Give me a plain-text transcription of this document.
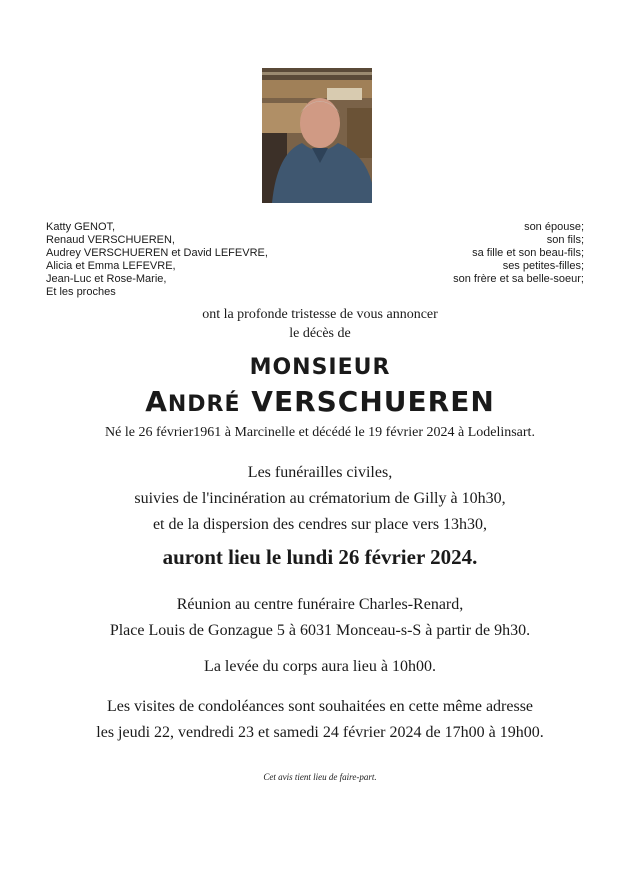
Katty GENOT,	son épouse;
Renaud VERSCHUEREN,	son fils;
Audrey VERSCHUEREN et David LEFEVRE,	sa fille et son beau-fils;
Alicia et Emma LEFEVRE,	ses petites-filles;
Jean-Luc et Rose-Marie,	son frère et sa belle-soeur;
Et les proches
ont la profonde tristesse de vous annoncer
le décès de
MONSIEUR
ANDRÉ VERSCHUEREN
Né le 26 février1961 à Marcinelle et décédé le 19 février 2024 à Lodelinsart.
Les funérailles civiles,
suivies de l'incinération au crématorium de Gilly à 10h30,
et de la dispersion des cendres sur place vers 13h30,
auront lieu le lundi 26 février 2024.
Réunion au centre funéraire Charles-Renard,
Place Louis de Gonzague 5 à 6031 Monceau-s-S à partir de 9h30.
La levée du corps aura lieu à 10h00.
Les visites de condoléances sont souhaitées en cette même adresse
les jeudi 22, vendredi 23 et samedi 24 février 2024 de 17h00 à 19h00.
Cet avis tient lieu de faire-part.
